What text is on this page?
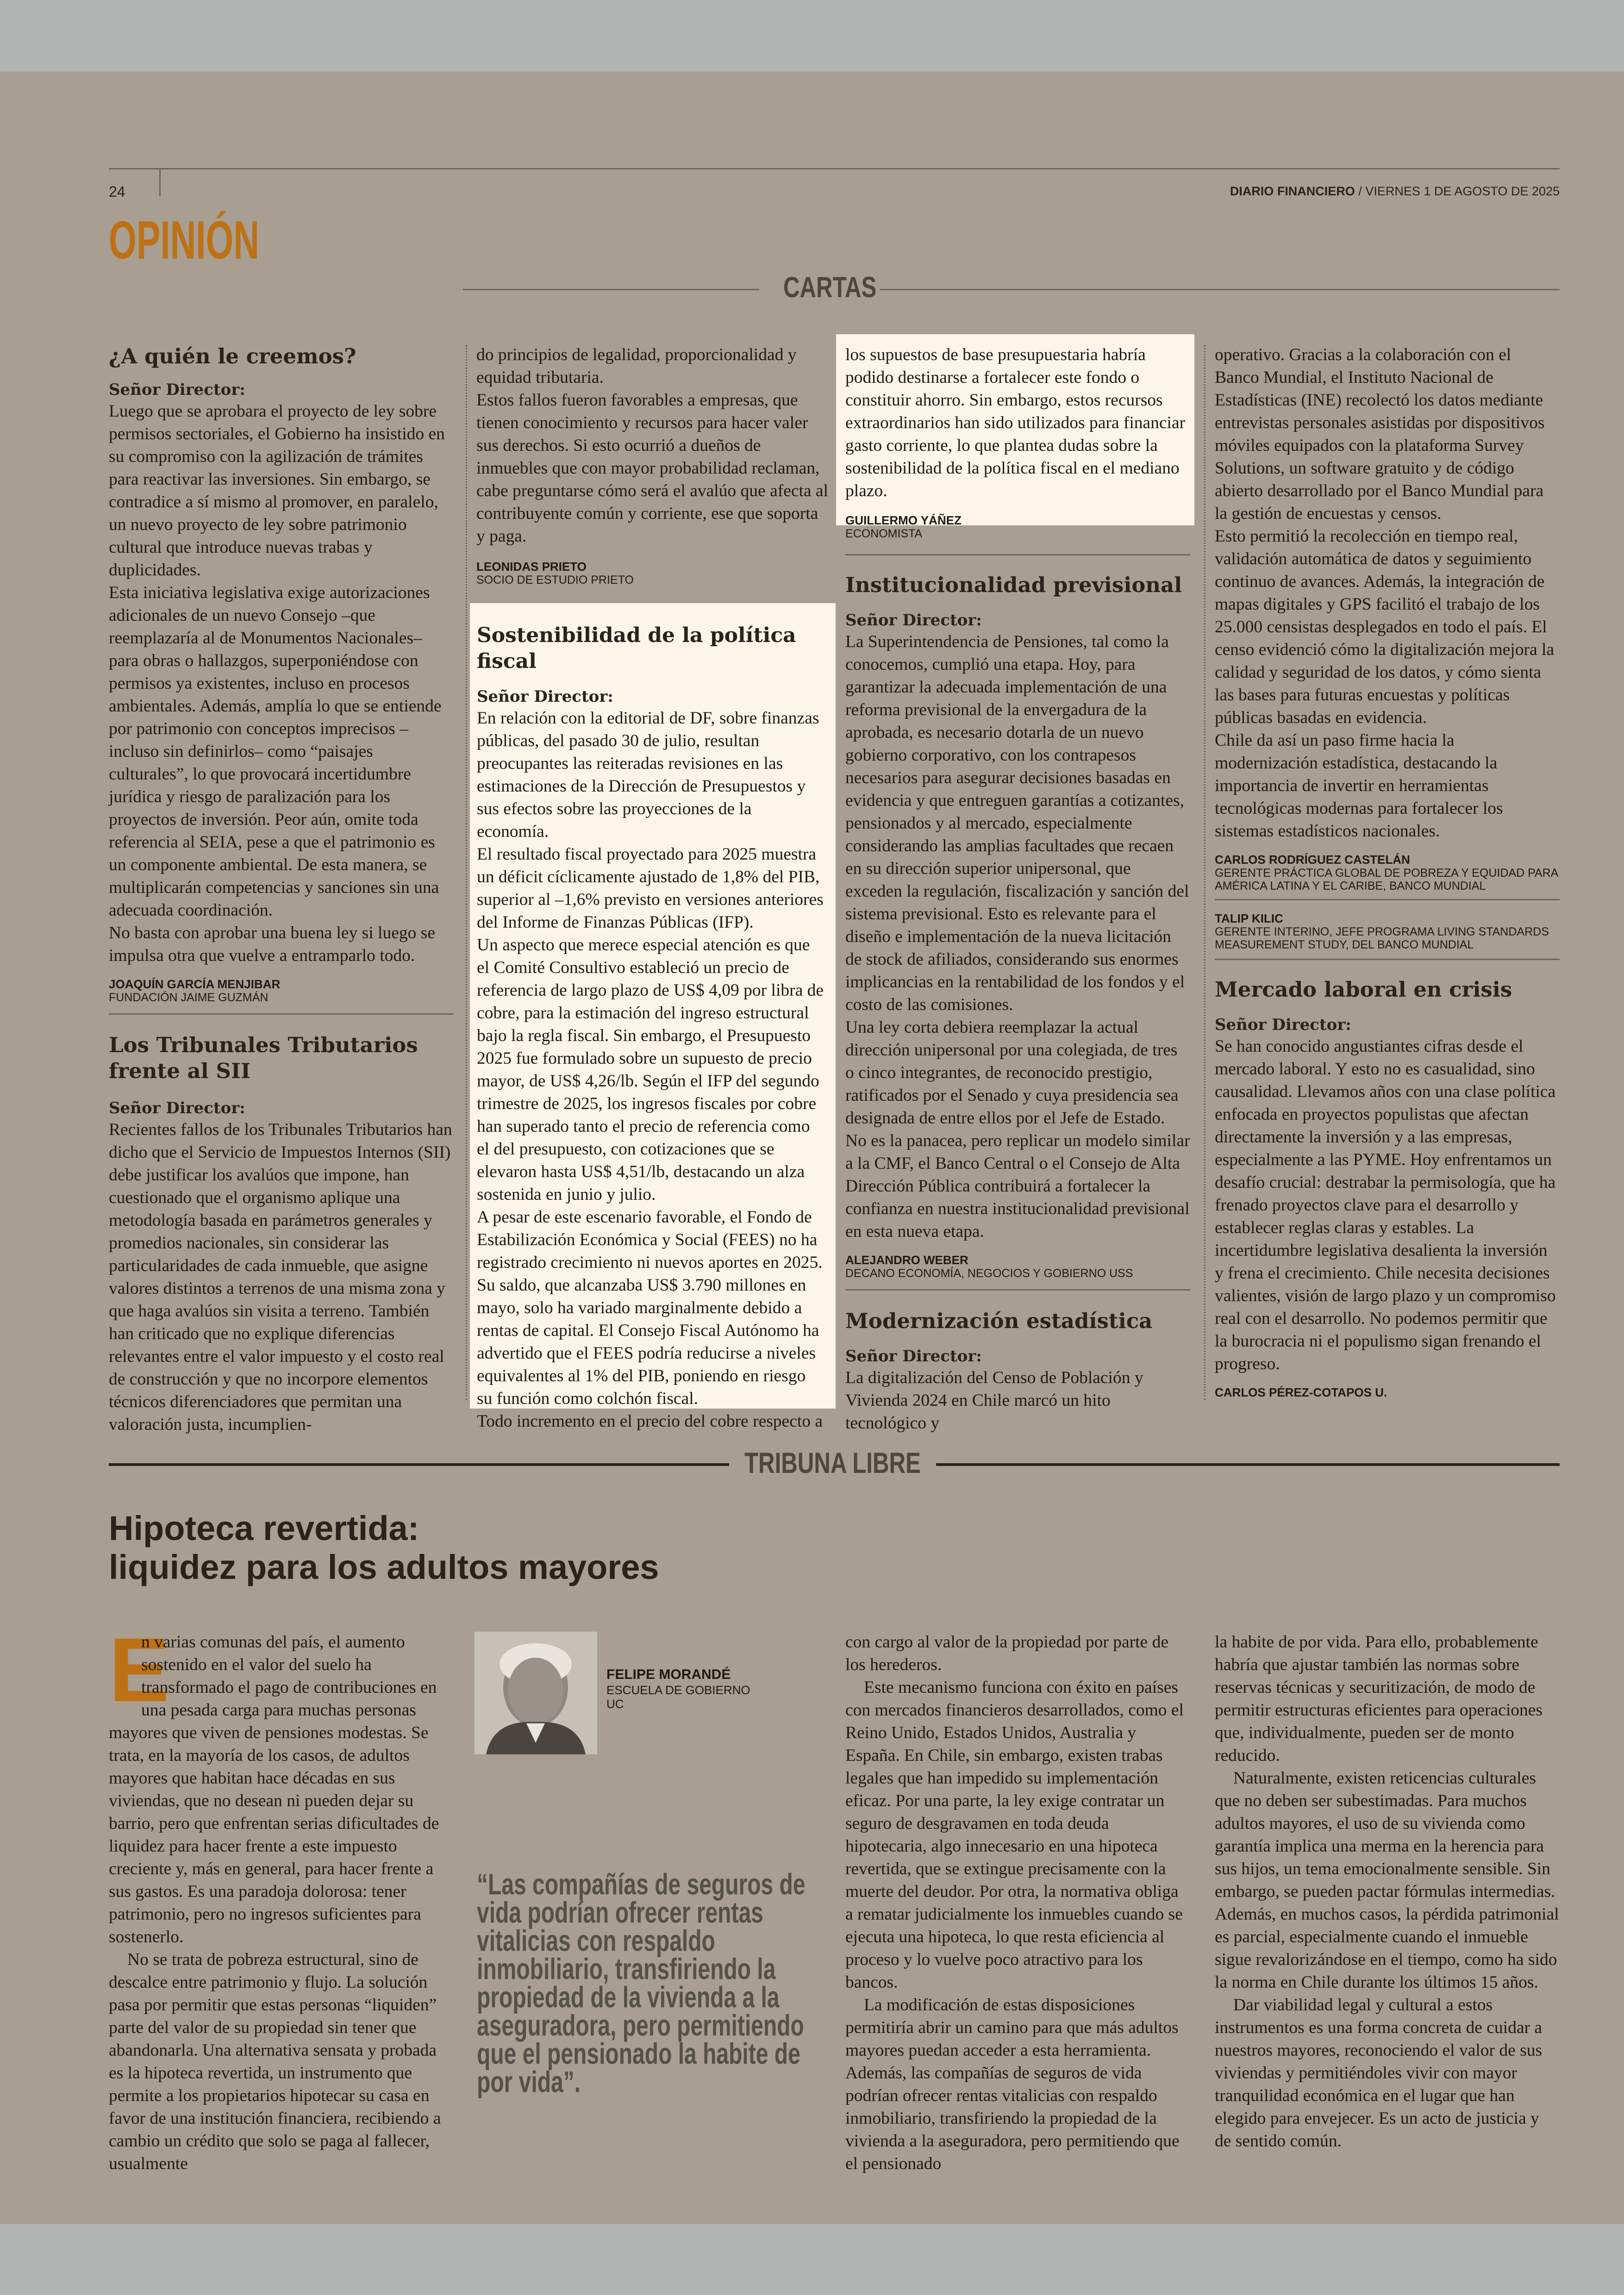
24	DIARIO FINANCIERO / VIERNES 1 DE AGOSTO DE 2025
OPINIÓN
CARTAS
¿A quién le creemos?
Señor Director:

Luego que se aprobara el proyecto de ley sobre permisos sectoriales, el Gobierno ha insistido en su compromiso con la agilización de trámites para reactivar las inversiones. Sin embargo, se contradice a sí mismo al promover, en paralelo, un nuevo proyecto de ley sobre patrimonio cultural que introduce nuevas trabas y duplicidades.

Esta iniciativa legislativa exige autorizaciones adicionales de un nuevo Consejo –que reemplazaría al de Monumentos Nacionales– para obras o hallazgos, superponiéndose con permisos ya existentes, incluso en procesos ambientales. Además, amplía lo que se entiende por patrimonio con conceptos imprecisos –incluso sin definirlos– como “paisajes culturales”, lo que provocará incertidumbre jurídica y riesgo de paralización para los proyectos de inversión. Peor aún, omite toda referencia al SEIA, pese a que el patrimonio es un componente ambiental. De esta manera, se multiplicarán competencias y sanciones sin una adecuada coordinación.

No basta con aprobar una buena ley si luego se impulsa otra que vuelve a entramparlo todo.

JOAQUÍN GARCÍA MENJIBAR
FUNDACIÓN JAIME GUZMÁN
Los Tribunales Tributarios
frente al SII
Señor Director:

Recientes fallos de los Tribunales Tributarios han dicho que el Servicio de Impuestos Internos (SII) debe justificar los avalúos que impone, han cuestionado que el organismo aplique una metodología basada en parámetros generales y promedios nacionales, sin considerar las particularidades de cada inmueble, que asigne valores distintos a terrenos de una misma zona y que haga avalúos sin visita a terreno. También han criticado que no explique diferencias relevantes entre el valor impuesto y el costo real de construcción y que no incorpore elementos técnicos diferenciadores que permitan una valoración justa, incumplien-

do principios de legalidad, proporcionalidad y equidad tributaria.

Estos fallos fueron favorables a empresas, que tienen conocimiento y recursos para hacer valer sus derechos. Si esto ocurrió a dueños de inmuebles que con mayor probabilidad reclaman, cabe preguntarse cómo será el avalúo que afecta al contribuyente común y corriente, ese que soporta y paga.

LEONIDAS PRIETO
SOCIO DE ESTUDIO PRIETO
Sostenibilidad de la política fiscal
Señor Director:

En relación con la editorial de DF, sobre finanzas públicas, del pasado 30 de julio, resultan preocupantes las reiteradas revisiones en las estimaciones de la Dirección de Presupuestos y sus efectos sobre las proyecciones de la economía.

El resultado fiscal proyectado para 2025 muestra un déficit cíclicamente ajustado de 1,8% del PIB, superior al –1,6% previsto en versiones anteriores del Informe de Finanzas Públicas (IFP).

Un aspecto que merece especial atención es que el Comité Consultivo estableció un precio de referencia de largo plazo de US$ 4,09 por libra de cobre, para la estimación del ingreso estructural bajo la regla fiscal. Sin embargo, el Presupuesto 2025 fue formulado sobre un supuesto de precio mayor, de US$ 4,26/lb. Según el IFP del segundo trimestre de 2025, los ingresos fiscales por cobre han superado tanto el precio de referencia como el del presupuesto, con cotizaciones que se elevaron hasta US$ 4,51/lb, destacando un alza sostenida en junio y julio.

A pesar de este escenario favorable, el Fondo de Estabilización Económica y Social (FEES) no ha registrado crecimiento ni nuevos aportes en 2025. Su saldo, que alcanzaba US$ 3.790 millones en mayo, solo ha variado marginalmente debido a rentas de capital. El Consejo Fiscal Autónomo ha advertido que el FEES podría reducirse a niveles equivalentes al 1% del PIB, poniendo en riesgo su función como colchón fiscal.

Todo incremento en el precio del cobre respecto a

los supuestos de base presupuestaria habría podido destinarse a fortalecer este fondo o constituir ahorro. Sin embargo, estos recursos extraordinarios han sido utilizados para financiar gasto corriente, lo que plantea dudas sobre la sostenibilidad de la política fiscal en el mediano plazo.

GUILLERMO YÁÑEZ
ECONOMISTA
Institucionalidad previsional
Señor Director:

La Superintendencia de Pensiones, tal como la conocemos, cumplió una etapa. Hoy, para garantizar la adecuada implementación de una reforma previsional de la envergadura de la aprobada, es necesario dotarla de un nuevo gobierno corporativo, con los contrapesos necesarios para asegurar decisiones basadas en evidencia y que entreguen garantías a cotizantes, pensionados y al mercado, especialmente considerando las amplias facultades que recaen en su dirección superior unipersonal, que exceden la regulación, fiscalización y sanción del sistema previsional. Esto es relevante para el diseño e implementación de la nueva licitación de stock de afiliados, considerando sus enormes implicancias en la rentabilidad de los fondos y el costo de las comisiones.

Una ley corta debiera reemplazar la actual dirección unipersonal por una colegiada, de tres o cinco integrantes, de reconocido prestigio, ratificados por el Senado y cuya presidencia sea designada de entre ellos por el Jefe de Estado. No es la panacea, pero replicar un modelo similar a la CMF, el Banco Central o el Consejo de Alta Dirección Pública contribuirá a fortalecer la confianza en nuestra institucionalidad previsional en esta nueva etapa.

ALEJANDRO WEBER
DECANO ECONOMÍA, NEGOCIOS Y GOBIERNO USS
Modernización estadística
Señor Director:

La digitalización del Censo de Población y Vivienda 2024 en Chile marcó un hito tecnológico y

operativo. Gracias a la colaboración con el Banco Mundial, el Instituto Nacional de Estadísticas (INE) recolectó los datos mediante entrevistas personales asistidas por dispositivos móviles equipados con la plataforma Survey Solutions, un software gratuito y de código abierto desarrollado por el Banco Mundial para la gestión de encuestas y censos.

Esto permitió la recolección en tiempo real, validación automática de datos y seguimiento continuo de avances. Además, la integración de mapas digitales y GPS facilitó el trabajo de los 25.000 censistas desplegados en todo el país. El censo evidenció cómo la digitalización mejora la calidad y seguridad de los datos, y cómo sienta las bases para futuras encuestas y políticas públicas basadas en evidencia.

Chile da así un paso firme hacia la modernización estadística, destacando la importancia de invertir en herramientas tecnológicas modernas para fortalecer los sistemas estadísticos nacionales.

CARLOS RODRÍGUEZ CASTELÁN
GERENTE PRÁCTICA GLOBAL DE POBREZA Y EQUIDAD PARA AMÉRICA LATINA Y EL CARIBE, BANCO MUNDIAL
TALIP KILIC
GERENTE INTERINO, JEFE PROGRAMA LIVING STANDARDS MEASUREMENT STUDY, DEL BANCO MUNDIAL
Mercado laboral en crisis
Señor Director:

Se han conocido angustiantes cifras desde el mercado laboral. Y esto no es casualidad, sino causalidad. Llevamos años con una clase política enfocada en proyectos populistas que afectan directamente la inversión y a las empresas, especialmente a las PYME. Hoy enfrentamos un desafío crucial: destrabar la permisología, que ha frenado proyectos clave para el desarrollo y establecer reglas claras y estables. La incertidumbre legislativa desalienta la inversión y frena el crecimiento. Chile necesita decisiones valientes, visión de largo plazo y un compromiso real con el desarrollo. No podemos permitir que la burocracia ni el populismo sigan frenando el progreso.

CARLOS PÉREZ-COTAPOS U.
TRIBUNA LIBRE
Hipoteca revertida:
liquidez para los adultos mayores
E

n varias comunas del país, el aumento sostenido en el valor del suelo ha transformado el pago de contribuciones en una pesada carga para muchas personas mayores que viven de pensiones modestas. Se trata, en la mayoría de los casos, de adultos mayores que habitan hace décadas en sus viviendas, que no desean ni pueden dejar su barrio, pero que enfrentan serias dificultades de liquidez para hacer frente a este impuesto creciente y, más en general, para hacer frente a sus gastos. Es una paradoja dolorosa: tener patrimonio, pero no ingresos suficientes para sostenerlo.

No se trata de pobreza estructural, sino de descalce entre patrimonio y flujo. La solución pasa por permitir que estas personas “liquiden” parte del valor de su propiedad sin tener que abandonarla. Una alternativa sensata y probada es la hipoteca revertida, un instrumento que permite a los propietarios hipotecar su casa en favor de una institución financiera, recibiendo a cambio un crédito que solo se paga al fallecer, usualmente

FELIPE MORANDÉ
ESCUELA DE GOBIERNO
UC
“Las compañías de seguros de vida podrían ofrecer rentas vitalicias con respaldo inmobiliario, transfiriendo la propiedad de la vivienda a la aseguradora, pero permitiendo que el pensionado la habite de por vida”.

con cargo al valor de la propiedad por parte de los herederos.

Este mecanismo funciona con éxito en países con mercados financieros desarrollados, como el Reino Unido, Estados Unidos, Australia y España. En Chile, sin embargo, existen trabas legales que han impedido su implementación eficaz. Por una parte, la ley exige contratar un seguro de desgravamen en toda deuda hipotecaria, algo innecesario en una hipoteca revertida, que se extingue precisamente con la muerte del deudor. Por otra, la normativa obliga a rematar judicialmente los inmuebles cuando se ejecuta una hipoteca, lo que resta eficiencia al proceso y lo vuelve poco atractivo para los bancos.

La modificación de estas disposiciones permitiría abrir un camino para que más adultos mayores puedan acceder a esta herramienta. Además, las compañías de seguros de vida podrían ofrecer rentas vitalicias con respaldo inmobiliario, transfiriendo la propiedad de la vivienda a la aseguradora, pero permitiendo que el pensionado

la habite de por vida. Para ello, probablemente habría que ajustar también las normas sobre reservas técnicas y securitización, de modo de permitir estructuras eficientes para operaciones que, individualmente, pueden ser de monto reducido.

Naturalmente, existen reticencias culturales que no deben ser subestimadas. Para muchos adultos mayores, el uso de su vivienda como garantía implica una merma en la herencia para sus hijos, un tema emocionalmente sensible. Sin embargo, se pueden pactar fórmulas intermedias. Además, en muchos casos, la pérdida patrimonial es parcial, especialmente cuando el inmueble sigue revalorizándose en el tiempo, como ha sido la norma en Chile durante los últimos 15 años.

Dar viabilidad legal y cultural a estos instrumentos es una forma concreta de cuidar a nuestros mayores, reconociendo el valor de sus viviendas y permitiéndoles vivir con mayor tranquilidad económica en el lugar que han elegido para envejecer. Es un acto de justicia y de sentido común.
